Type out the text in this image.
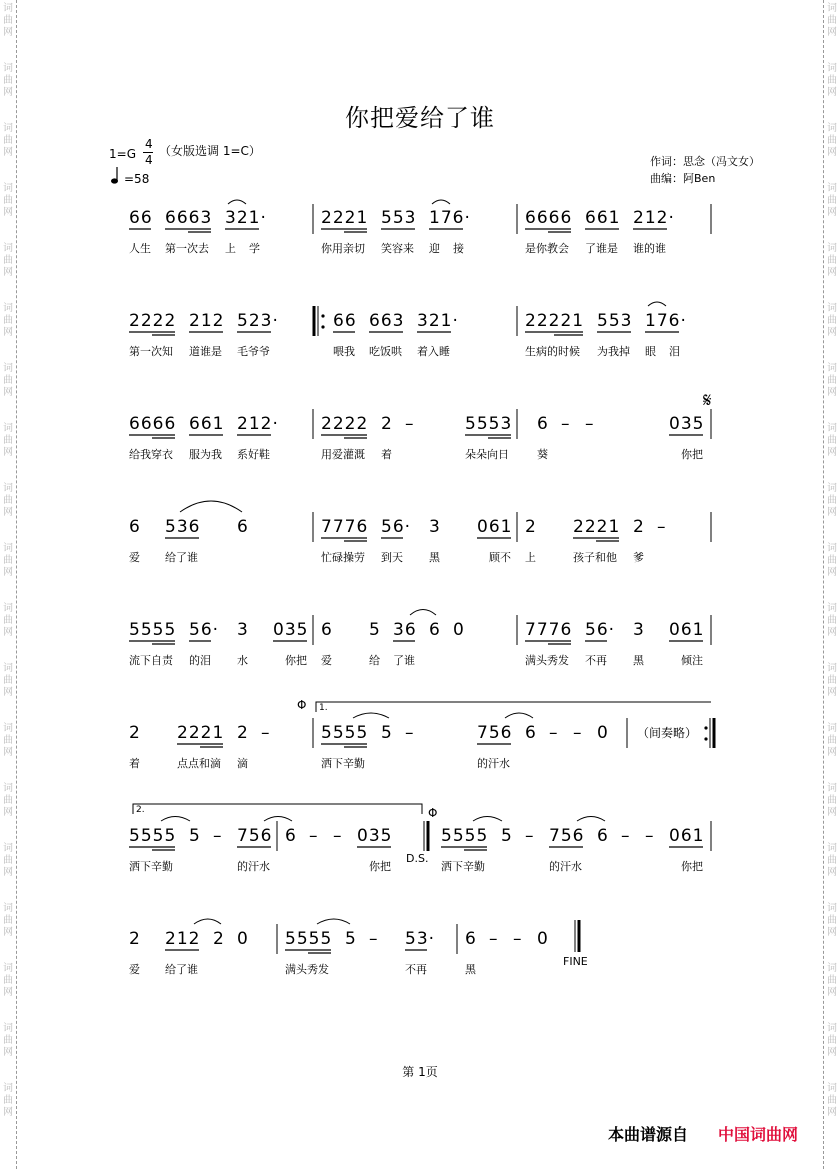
词
曲
网
词
曲
网
词
曲
网
词
曲
网
词
曲
网
词
曲
网
词
曲
网
词
曲
网
词
曲
网
词
曲
网
词
曲
网
词
曲
网
词
曲
网
词
曲
网
词
曲
网
词
曲
网
词
曲
网
词
曲
网
词
曲
网
词
曲
网
词
曲
网
词
曲
网
词
曲
网
词
曲
网
词
曲
网
词
曲
网
词
曲
网
词
曲
网
词
曲
网
词
曲
网
词
曲
网
词
曲
网
词
曲
网
词
曲
网
词
曲
网
词
曲
网
词
曲
网
词
曲
网
你把爱给了谁
1=G
4
4
（女版选调 1=C）
=58
作词：思念（冯文女）
曲编：阿Ben
66 6663 321·	2221 553 176·	6666 661 212·
人生 第一次去 上 学	你用亲切 笑容来 迎 接	是你教会 了谁是 谁的谁
2222 212 523·	66 663 321·	22221 553 176·
第一次知 道谁是 毛爷爷	喂我 吃饭哄 着入睡	生病的时候 为我掉 眼 泪
6666 661 212· 2222 2 –	5553 6 – –	035
给我穿衣 服为我 系好鞋	用爱灌溉 着	朵朵向日	葵	你把
6 536 6	7776 56· 3 061 2 2221 2 –
爱 给了谁	忙碌操劳 到天 黑	顾不 上	孩子和他 爹
5555 56· 3 035 6 5 36 6 0	7776 56· 3 061
流下自责 的泪 水	你把 爱	给 了谁	满头秀发 不再 黑	倾注
2 2221 2 –	5555 5 –	756 6 – – 0
着	点点和滴 滴	洒下辛勤	的汗水
5555 5 – 756 6 – – 035	5555 5 – 756 6 – – 061
洒下辛勤	的汗水	你把	洒下辛勤	的汗水	你把
2 212 2 0 5555 5 – 53· 6 – – 0
爱 给了谁	满头秀发	不再	黑
𝄋
Φ
Φ
1.
2.
（间奏略）
D.S.
FINE
第 1页
本曲谱源自 中国词曲网
